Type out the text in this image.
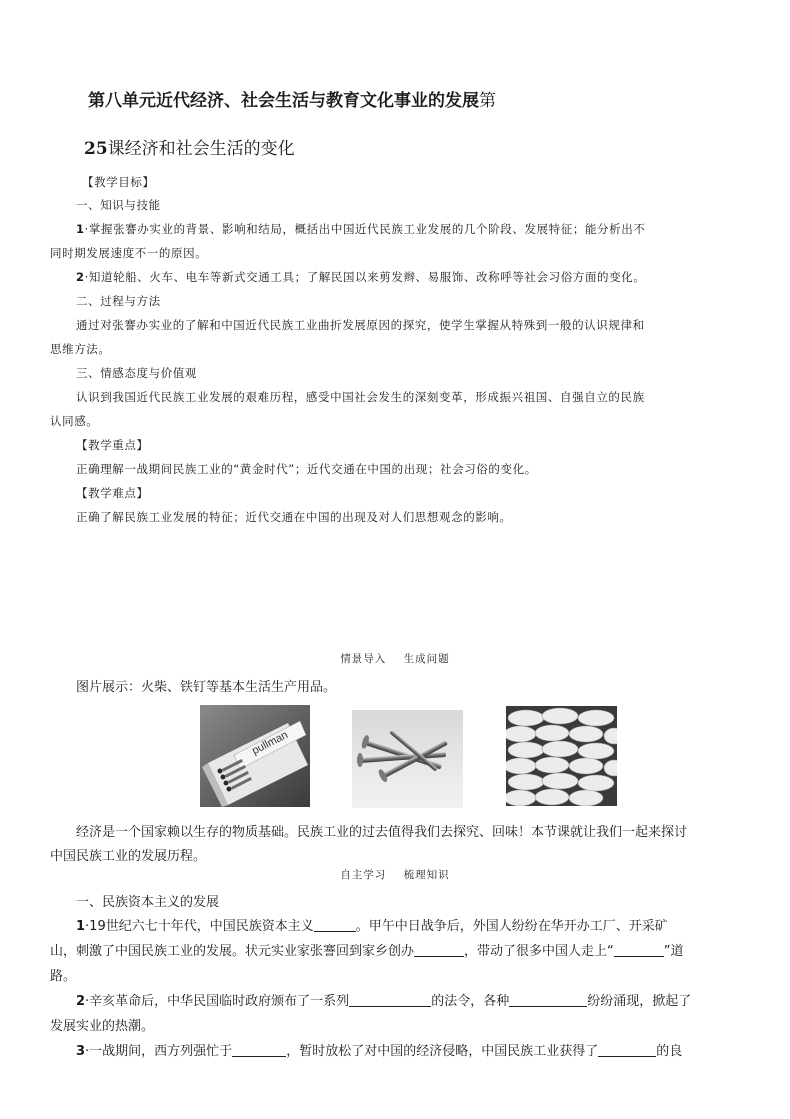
第八单元近代经济、社会生活与教育文化事业的发展第
25课经济和社会生活的变化
【教学目标】
一、知识与技能
1·掌握张謇办实业的背景、影响和结局，概括出中国近代民族工业发展的几个阶段、发展特征；能分析出不
同时期发展速度不一的原因。
2·知道轮船、火车、电车等新式交通工具；了解民国以来剪发辫、易服饰、改称呼等社会习俗方面的变化。
二、过程与方法
通过对张謇办实业的了解和中国近代民族工业曲折发展原因的探究，使学生掌握从特殊到一般的认识规律和
思维方法。
三、情感态度与价值观
认识到我国近代民族工业发展的艰难历程，感受中国社会发生的深刻变革，形成振兴祖国、自强自立的民族
认同感。
【教学重点】
正确理解一战期间民族工业的“黄金时代”；近代交通在中国的出现；社会习俗的变化。
【教学难点】
正确了解民族工业发展的特征；近代交通在中国的出现及对人们思想观念的影响。
情景导入    生成问题
图片展示：火柴、铁钉等基本生活生产用品。
pullman
经济是一个国家赖以生存的物质基础。民族工业的过去值得我们去探究、回味！本节课就让我们一起来探讨
中国民族工业的发展历程。
自主学习    梳理知识
一、民族资本主义的发展
1·19世纪六七十年代，中国民族资本主义	。甲午中日战争后，外国人纷纷在华开办工厂、开采矿
山，刺激了中国民族工业的发展。状元实业家张謇回到家乡创办	，带动了很多中国人走上“	”道
路。
2·辛亥革命后，中华民国临时政府颁布了一系列	的法令，各种	纷纷涌现，掀起了
发展实业的热潮。
3·一战期间，西方列强忙于	，暂时放松了对中国的经济侵略，中国民族工业获得了	的良
